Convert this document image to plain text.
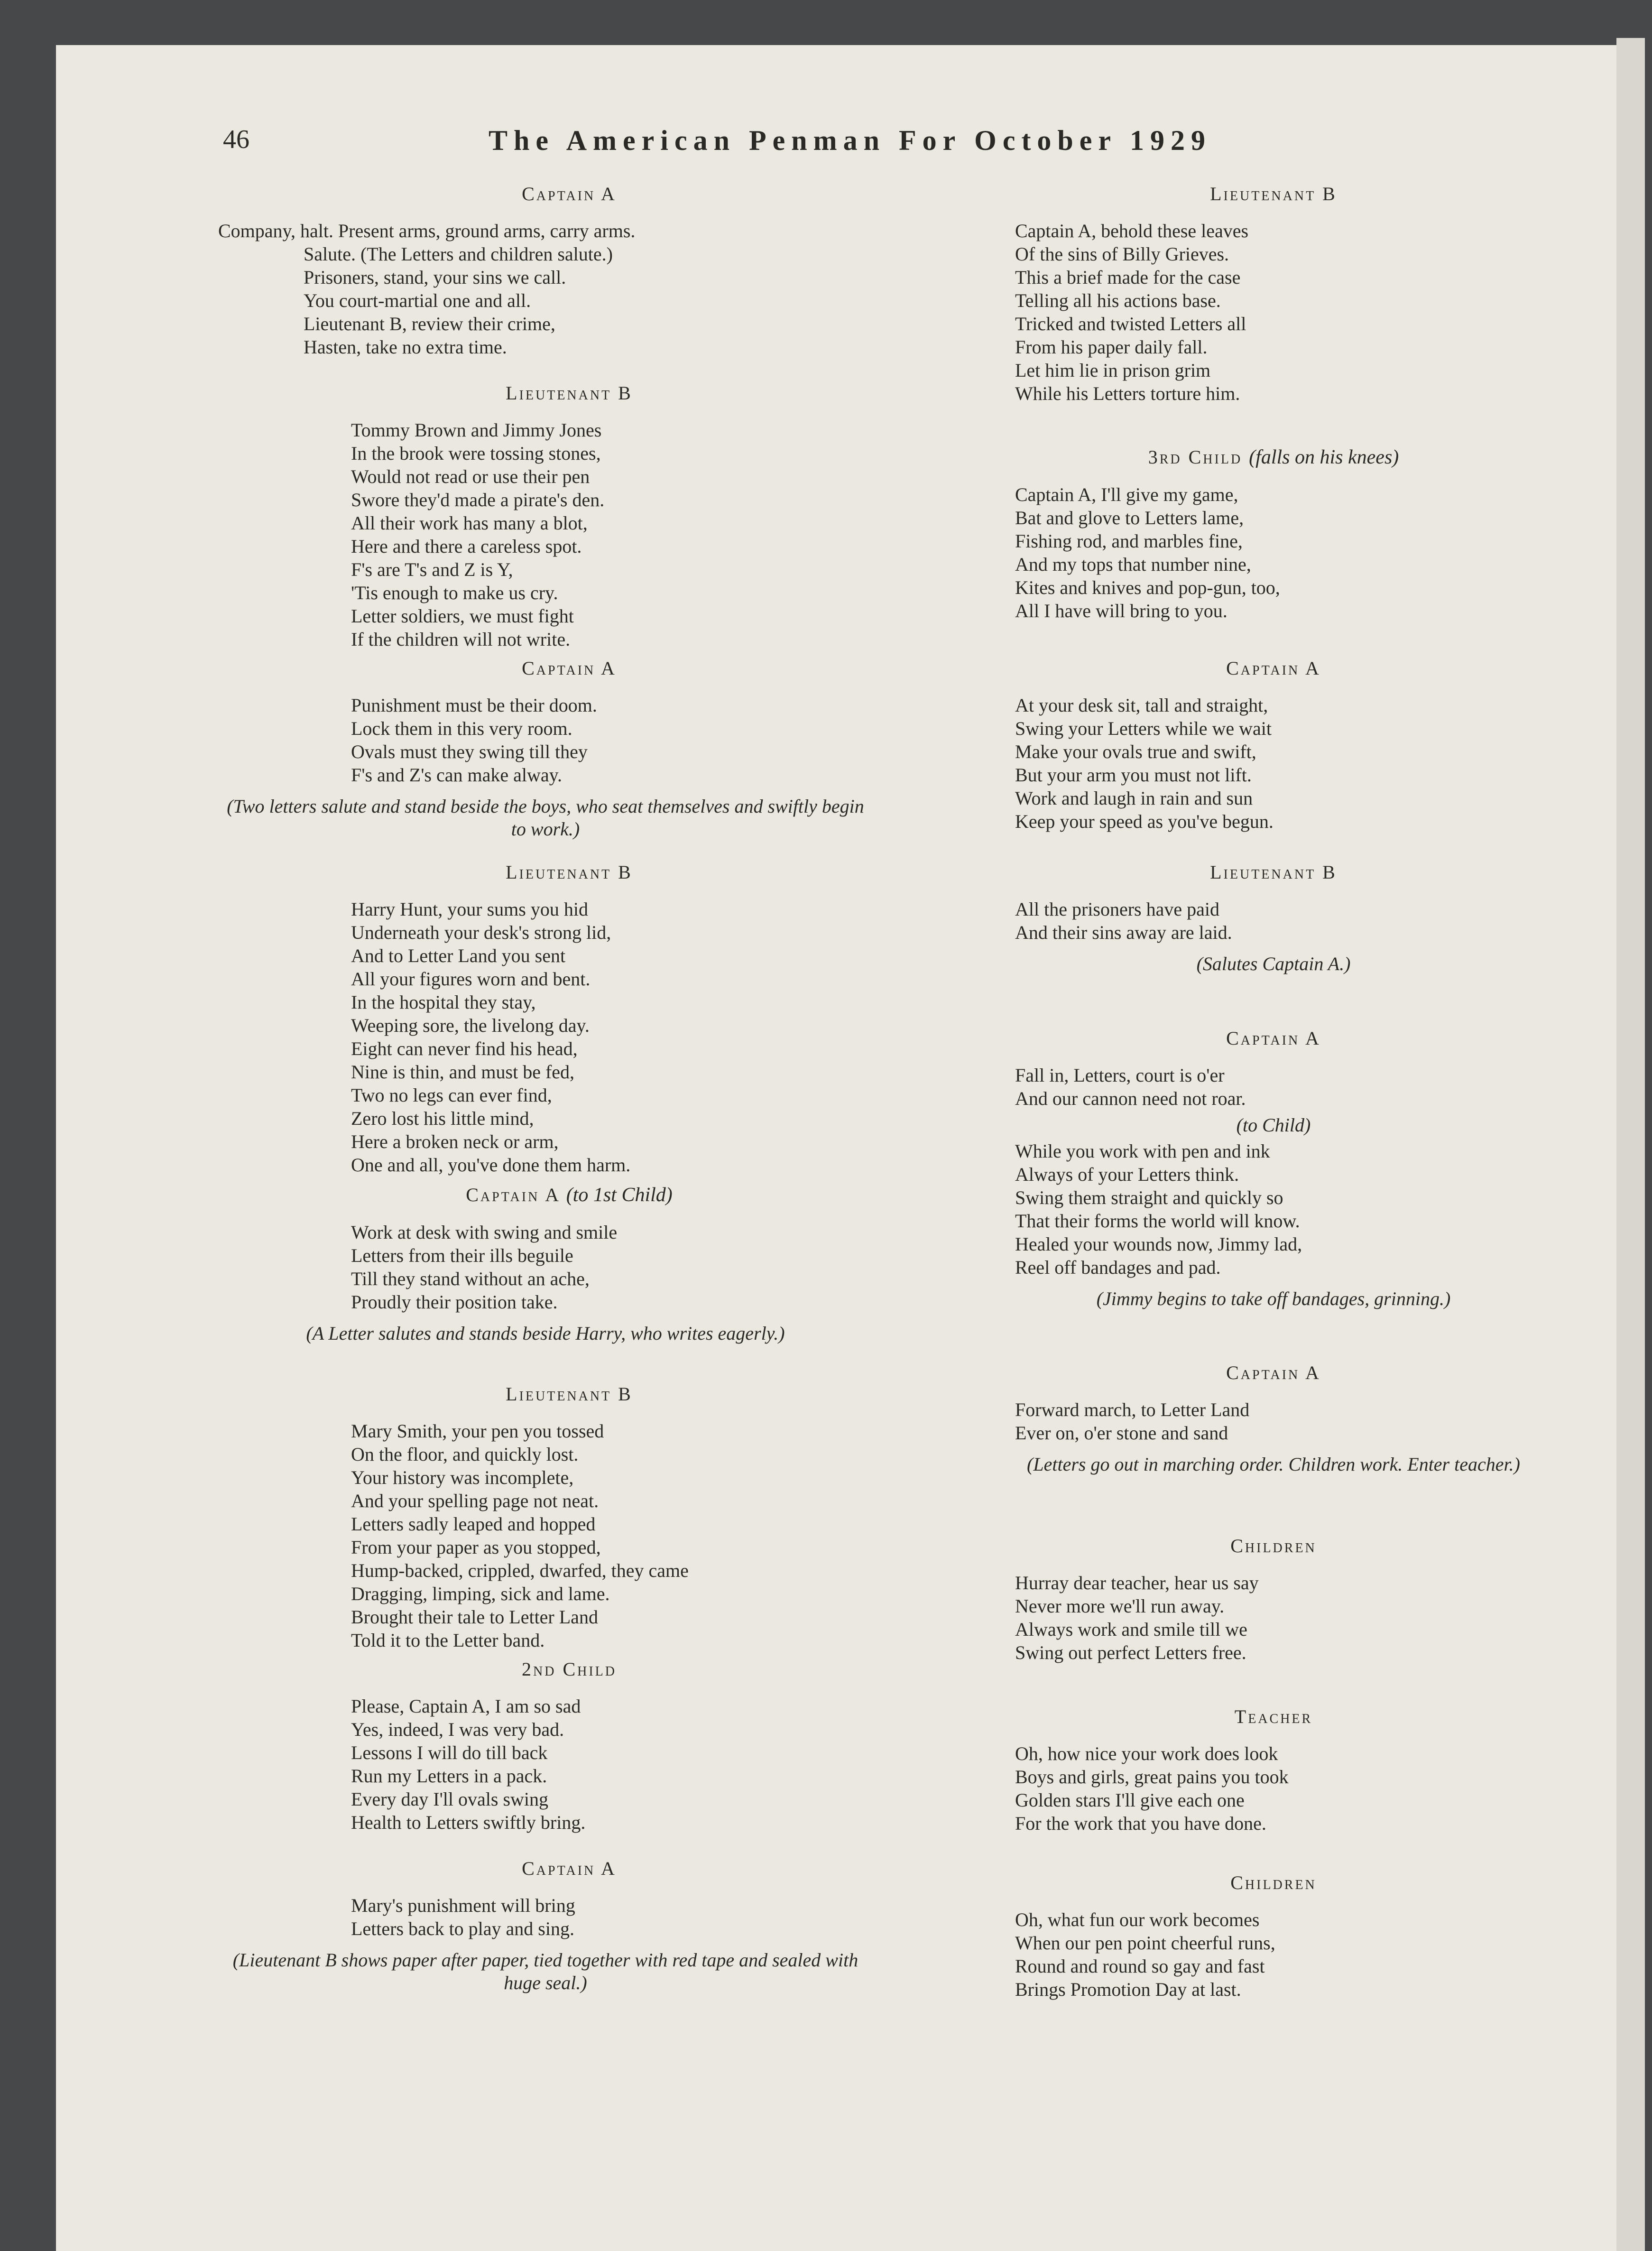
46	The American Penman For October 1929
Captain A
Company, halt. Present arms, ground arms, carry arms.
Salute. (The Letters and children salute.)
Prisoners, stand, your sins we call.
You court-martial one and all.
Lieutenant B, review their crime,
Hasten, take no extra time.
Lieutenant B
Tommy Brown and Jimmy Jones
In the brook were tossing stones,
Would not read or use their pen
Swore they'd made a pirate's den.
All their work has many a blot,
Here and there a careless spot.
F's are T's and Z is Y,
'Tis enough to make us cry.
Letter soldiers, we must fight
If the children will not write.
Captain A
Punishment must be their doom.
Lock them in this very room.
Ovals must they swing till they
F's and Z's can make alway.
(Two letters salute and stand beside the boys, who seat themselves and swiftly begin to work.)
Lieutenant B
Harry Hunt, your sums you hid
Underneath your desk's strong lid,
And to Letter Land you sent
All your figures worn and bent.
In the hospital they stay,
Weeping sore, the livelong day.
Eight can never find his head,
Nine is thin, and must be fed,
Two no legs can ever find,
Zero lost his little mind,
Here a broken neck or arm,
One and all, you've done them harm.
Captain A (to 1st Child)
Work at desk with swing and smile
Letters from their ills beguile
Till they stand without an ache,
Proudly their position take.
(A Letter salutes and stands beside Harry, who writes eagerly.)
Lieutenant B
Mary Smith, your pen you tossed
On the floor, and quickly lost.
Your history was incomplete,
And your spelling page not neat.
Letters sadly leaped and hopped
From your paper as you stopped,
Hump-backed, crippled, dwarfed, they came
Dragging, limping, sick and lame.
Brought their tale to Letter Land
Told it to the Letter band.
2nd Child
Please, Captain A, I am so sad
Yes, indeed, I was very bad.
Lessons I will do till back
Run my Letters in a pack.
Every day I'll ovals swing
Health to Letters swiftly bring.
Captain A
Mary's punishment will bring
Letters back to play and sing.
(Lieutenant B shows paper after paper, tied together with red tape and sealed with huge seal.)
Lieutenant B
Captain A, behold these leaves
Of the sins of Billy Grieves.
This a brief made for the case
Telling all his actions base.
Tricked and twisted Letters all
From his paper daily fall.
Let him lie in prison grim
While his Letters torture him.
3rd Child (falls on his knees)
Captain A, I'll give my game,
Bat and glove to Letters lame,
Fishing rod, and marbles fine,
And my tops that number nine,
Kites and knives and pop-gun, too,
All I have will bring to you.
Captain A
At your desk sit, tall and straight,
Swing your Letters while we wait
Make your ovals true and swift,
But your arm you must not lift.
Work and laugh in rain and sun
Keep your speed as you've begun.
Lieutenant B
All the prisoners have paid
And their sins away are laid.
(Salutes Captain A.)
Captain A
Fall in, Letters, court is o'er
And our cannon need not roar.
(to Child)
While you work with pen and ink
Always of your Letters think.
Swing them straight and quickly so
That their forms the world will know.
Healed your wounds now, Jimmy lad,
Reel off bandages and pad.
(Jimmy begins to take off bandages, grinning.)
Captain A
Forward march, to Letter Land
Ever on, o'er stone and sand
(Letters go out in marching order. Children work. Enter teacher.)
Children
Hurray dear teacher, hear us say
Never more we'll run away.
Always work and smile till we
Swing out perfect Letters free.
Teacher
Oh, how nice your work does look
Boys and girls, great pains you took
Golden stars I'll give each one
For the work that you have done.
Children
Oh, what fun our work becomes
When our pen point cheerful runs,
Round and round so gay and fast
Brings Promotion Day at last.
